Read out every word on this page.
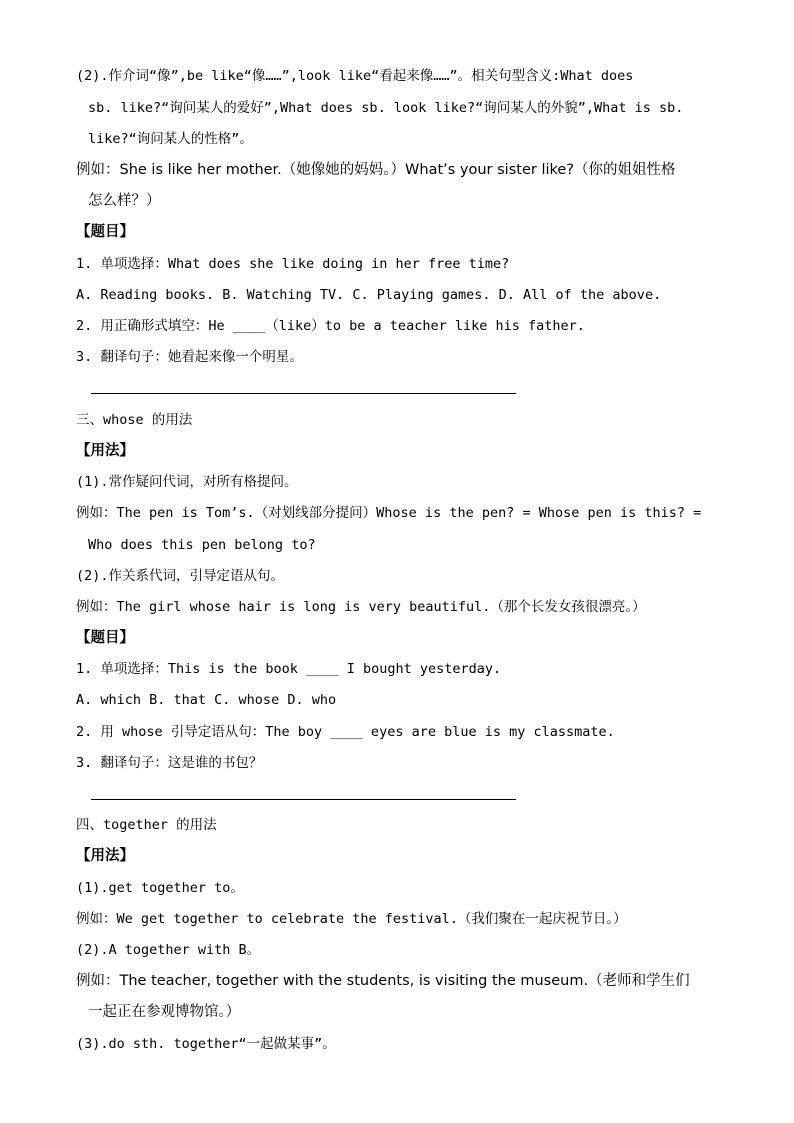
(2).作介词“像”,be like“像……”,look like“看起来像……”。相关句型含义:What does
sb. like?“询问某人的爱好”,What does sb. look like?“询问某人的外貌”,What is sb.
like?“询问某人的性格”。
例如：She is like her mother.（她像她的妈妈。）What’s your sister like?（你的姐姐性格
怎么样？）
【题目】
1. 单项选择：What does she like doing in her free time?
A. Reading books. B. Watching TV. C. Playing games. D. All of the above.
2. 用正确形式填空：He ____（like）to be a teacher like his father.
3. 翻译句子：她看起来像一个明星。
三、whose 的用法
【用法】
(1).常作疑问代词，对所有格提问。
例如：The pen is Tom’s.（对划线部分提问）Whose is the pen? = Whose pen is this? =
Who does this pen belong to?
(2).作关系代词，引导定语从句。
例如：The girl whose hair is long is very beautiful.（那个长发女孩很漂亮。）
【题目】
1. 单项选择：This is the book ____ I bought yesterday.
A. which B. that C. whose D. who
2. 用 whose 引导定语从句：The boy ____ eyes are blue is my classmate.
3. 翻译句子：这是谁的书包？
四、together 的用法
【用法】
(1).get together to。
例如：We get together to celebrate the festival.（我们聚在一起庆祝节日。）
(2).A together with B。
例如：The teacher, together with the students, is visiting the museum.（老师和学生们
一起正在参观博物馆。）
(3).do sth. together“一起做某事”。
